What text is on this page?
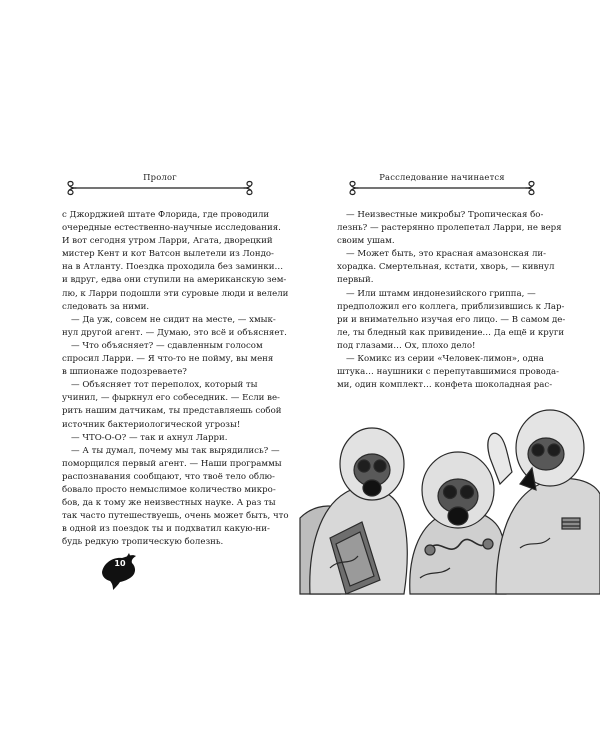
Пролог
с Джорджией штате Флорида, где проводили
очередные естественно-научные исследования.
И вот сегодня утром Ларри, Агата, дворецкий
мистер Кент и кот Ватсон вылетели из Лондо-
на в Атланту. Поездка проходила без заминки…
и вдруг, едва они ступили на американскую зем-
лю, к Ларри подошли эти суровые люди и велели
следовать за ними.
— Да уж, совсем не сидит на месте, — хмык-
нул другой агент. — Думаю, это всё и объясняет.
— Что объясняет? — сдавленным голосом
спросил Ларри. — Я что-то не пойму, вы меня
в шпионаже подозреваете?
— Объясняет тот переполох, который ты
учинил, — фыркнул его собеседник. — Если ве-
рить нашим датчикам, ты представляешь собой
источник бактериологической угрозы!
— ЧТО-О-О? — так и ахнул Ларри.
— А ты думал, почему мы так вырядились? —
поморщился первый агент. — Наши программы
распознавания сообщают, что твоё тело облю-
бовало просто немыслимое количество микро-
бов, да к тому же неизвестных науке. А раз ты
так часто путешествуешь, очень может быть, что
в одной из поездок ты и подхватил какую-ни-
будь редкую тропическую болезнь.
10
Расследование начинается
— Неизвестные микробы? Тропическая бо-
лезнь? — растерянно пролепетал Ларри, не веря
своим ушам.
— Может быть, это красная амазонская ли-
хорадка. Смертельная, кстати, хворь, — кивнул
первый.
— Или штамм индонезийского гриппа, —
предположил его коллега, приблизившись к Лар-
ри и внимательно изучая его лицо. — В самом де-
ле, ты бледный как привидение… Да ещё и круги
под глазами… Ох, плохо дело!
— Комикс из серии «Человек-лимон», одна
штука… наушники с перепутавшимися провода-
ми, один комплект… конфета шоколадная рас-
